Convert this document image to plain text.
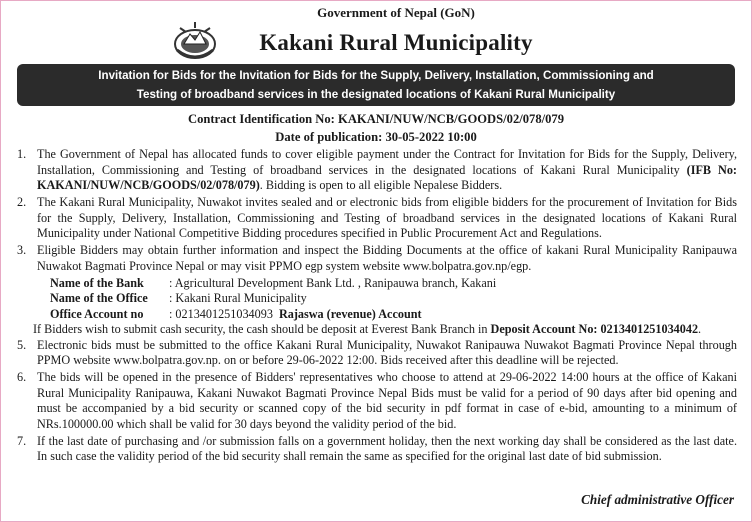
Government of Nepal (GoN)
Kakani Rural Municipality
Invitation for Bids for the Invitation for Bids for the Supply, Delivery, Installation, Commissioning and
Testing of broadband services in the designated locations of Kakani Rural Municipality
Contract Identification No: KAKANI/NUW/NCB/GOODS/02/078/079
Date of publication: 30-05-2022 10:00
1. The Government of Nepal has allocated funds to cover eligible payment under the Contract for Invitation for Bids for the Supply, Delivery, Installation, Commissioning and Testing of broadband services in the designated locations of Kakani Rural Municipality (IFB No: KAKANI/NUW/NCB/GOODS/02/078/079). Bidding is open to all eligible Nepalese Bidders.
2. The Kakani Rural Municipality, Nuwakot invites sealed and or electronic bids from eligible bidders for the procurement of Invitation for Bids for the Supply, Delivery, Installation, Commissioning and Testing of broadband services in the designated locations of Kakani Rural Municipality under National Competitive Bidding procedures specified in Public Procurement Act and Regulations.
3. Eligible Bidders may obtain further information and inspect the Bidding Documents at the office of kakani Rural Municipality Ranipauwa Nuwakot Bagmati Province Nepal or may visit PPMO egp system website www.bolpatra.gov.np/egp.
Name of the Bank	: Agricultural Development Bank Ltd. , Ranipauwa branch, Kakani
Name of the Office	: Kakani Rural Municipality
Office Account no	: 0213401251034093 Rajaswa (revenue) Account
If Bidders wish to submit cash security, the cash should be deposit at Everest Bank Branch in Deposit Account No: 0213401251034042.
5. Electronic bids must be submitted to the office Kakani Rural Municipality, Nuwakot Ranipauwa Nuwakot Bagmati Province Nepal through PPMO website www.bolpatra.gov.np. on or before 29-06-2022 12:00. Bids received after this deadline will be rejected.
6. The bids will be opened in the presence of Bidders' representatives who choose to attend at 29-06-2022 14:00 hours at the office of Kakani Rural Municipality Ranipauwa, Kakani Nuwakot Bagmati Province Nepal Bids must be valid for a period of 90 days after bid opening and must be accompanied by a bid security or scanned copy of the bid security in pdf format in case of e-bid, amounting to a minimum of NRs.100000.00 which shall be valid for 30 days beyond the validity period of the bid.
7. If the last date of purchasing and /or submission falls on a government holiday, then the next working day shall be considered as the last date. In such case the validity period of the bid security shall remain the same as specified for the original last date of bid submission.
Chief administrative Officer
